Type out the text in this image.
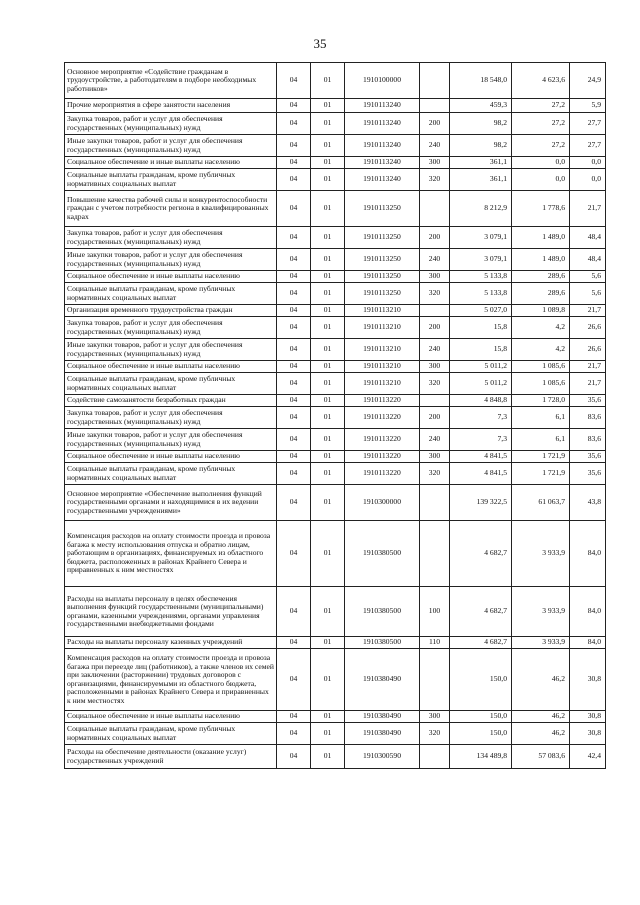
35
Основное мероприятие «Содействие гражданам в трудоустройстве, а работодателям в подборе необходимых работников»	04	01	1910100000		18 548,0	4 623,6	24,9
Прочие мероприятия в сфере занятости населения	04	01	1910113240		459,3	27,2	5,9
Закупка товаров, работ и услуг для обеспечения государственных (муниципальных) нужд	04	01	1910113240	200	98,2	27,2	27,7
Иные закупки товаров, работ и услуг для обеспечения государственных (муниципальных) нужд	04	01	1910113240	240	98,2	27,2	27,7
Социальное обеспечение и иные выплаты населению	04	01	1910113240	300	361,1	0,0	0,0
Социальные выплаты гражданам, кроме публичных нормативных социальных выплат	04	01	1910113240	320	361,1	0,0	0,0
Повышение качества рабочей силы и конкурентоспособности граждан с учетом потребности региона в квалифицированных кадрах	04	01	1910113250		8 212,9	1 778,6	21,7
Закупка товаров, работ и услуг для обеспечения государственных (муниципальных) нужд	04	01	1910113250	200	3 079,1	1 489,0	48,4
Иные закупки товаров, работ и услуг для обеспечения государственных (муниципальных) нужд	04	01	1910113250	240	3 079,1	1 489,0	48,4
Социальное обеспечение и иные выплаты населению	04	01	1910113250	300	5 133,8	289,6	5,6
Социальные выплаты гражданам, кроме публичных нормативных социальных выплат	04	01	1910113250	320	5 133,8	289,6	5,6
Организация временного трудоустройства граждан	04	01	1910113210		5 027,0	1 089,8	21,7
Закупка товаров, работ и услуг для обеспечения государственных (муниципальных) нужд	04	01	1910113210	200	15,8	4,2	26,6
Иные закупки товаров, работ и услуг для обеспечения государственных (муниципальных) нужд	04	01	1910113210	240	15,8	4,2	26,6
Социальное обеспечение и иные выплаты населению	04	01	1910113210	300	5 011,2	1 085,6	21,7
Социальные выплаты гражданам, кроме публичных нормативных социальных выплат	04	01	1910113210	320	5 011,2	1 085,6	21,7
Содействие самозанятости безработных граждан	04	01	1910113220		4 848,8	1 728,0	35,6
Закупка товаров, работ и услуг для обеспечения государственных (муниципальных) нужд	04	01	1910113220	200	7,3	6,1	83,6
Иные закупки товаров, работ и услуг для обеспечения государственных (муниципальных) нужд	04	01	1910113220	240	7,3	6,1	83,6
Социальное обеспечение и иные выплаты населению	04	01	1910113220	300	4 841,5	1 721,9	35,6
Социальные выплаты гражданам, кроме публичных нормативных социальных выплат	04	01	1910113220	320	4 841,5	1 721,9	35,6
Основное мероприятие «Обеспечение выполнения функций государственными органами и находящимися в их ведении государственными учреждениями»	04	01	1910300000		139 322,5	61 063,7	43,8
Компенсация расходов на оплату стоимости проезда и провоза багажа к месту использования отпуска и обратно лицам, работающим в организациях, финансируемых из областного бюджета, расположенных в районах Крайнего Севера и приравненных к ним местностях	04	01	1910380500		4 682,7	3 933,9	84,0
Расходы на выплаты персоналу в целях обеспечения выполнения функций государственными (муниципальными) органами, казенными учреждениями, органами управления государственными внебюджетными фондами	04	01	1910380500	100	4 682,7	3 933,9	84,0
Расходы на выплаты персоналу казенных учреждений	04	01	1910380500	110	4 682,7	3 933,9	84,0
Компенсация расходов на оплату стоимости проезда и провоза багажа при переезде лиц (работников), а также членов их семей при заключении (расторжении) трудовых договоров с организациями, финансируемыми из областного бюджета, расположенными в районах Крайнего Севера и приравненных к ним местностях	04	01	1910380490		150,0	46,2	30,8
Социальное обеспечение и иные выплаты населению	04	01	1910380490	300	150,0	46,2	30,8
Социальные выплаты гражданам, кроме публичных нормативных социальных выплат	04	01	1910380490	320	150,0	46,2	30,8
Расходы на обеспечение деятельности (оказание услуг) государственных учреждений	04	01	1910300590		134 489,8	57 083,6	42,4
